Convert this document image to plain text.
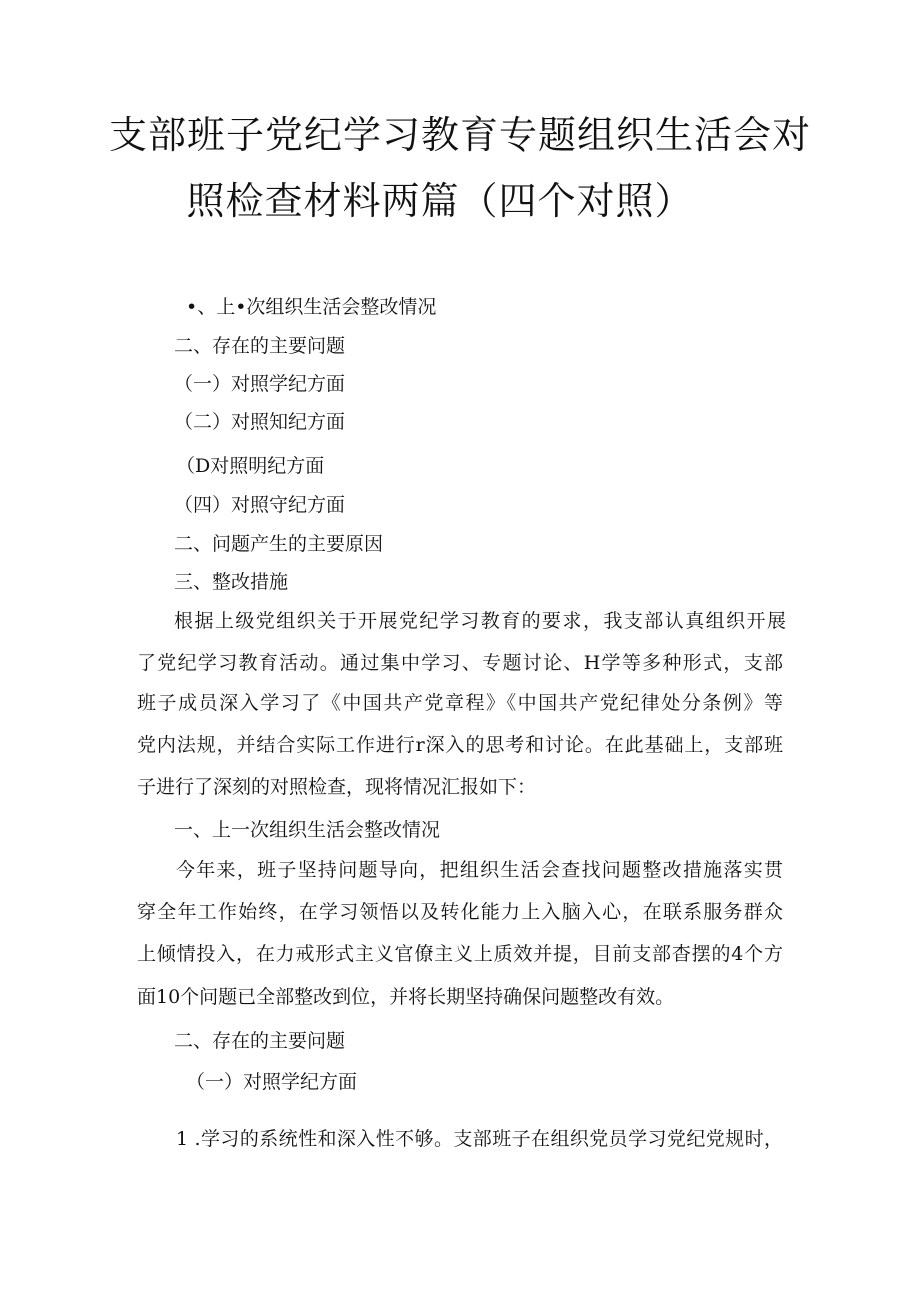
支部班子党纪学习教育专题组织生活会对
照检查材料两篇（四个对照）
•、上•次组织生活会整改情况
二、存在的主要问题
（一）对照学纪方面
（二）对照知纪方面
（D对照明纪方面
（四）对照守纪方面
二、问题产生的主要原因
三、整改措施
根据上级党组织关于开展党纪学习教育的要求，我支部认真组织开展
了党纪学习教育活动。通过集中学习、专题讨论、H学等多种形式，支部
班子成员深入学习了《中国共产党章程》《中国共产党纪律处分条例》等
党内法规，并结合实际工作进行r深入的思考和讨论。在此基础上，支部班
子进行了深刻的对照检查，现将情况汇报如下：
一、上一次组织生活会整改情况
今年来，班子坚持问题导向，把组织生活会查找问题整改措施落实贯
穿全年工作始终，在学习领悟以及转化能力上入脑入心，在联系服务群众
上倾情投入，在力戒形式主义官僚主义上质效并提，目前支部杳摆的4个方
面10个问题已全部整改到位，并将长期坚持确保问题整改有效。
二、存在的主要问题
（一）对照学纪方面
1 .学习的系统性和深入性不够。支部班子在组织党员学习党纪党规时，
